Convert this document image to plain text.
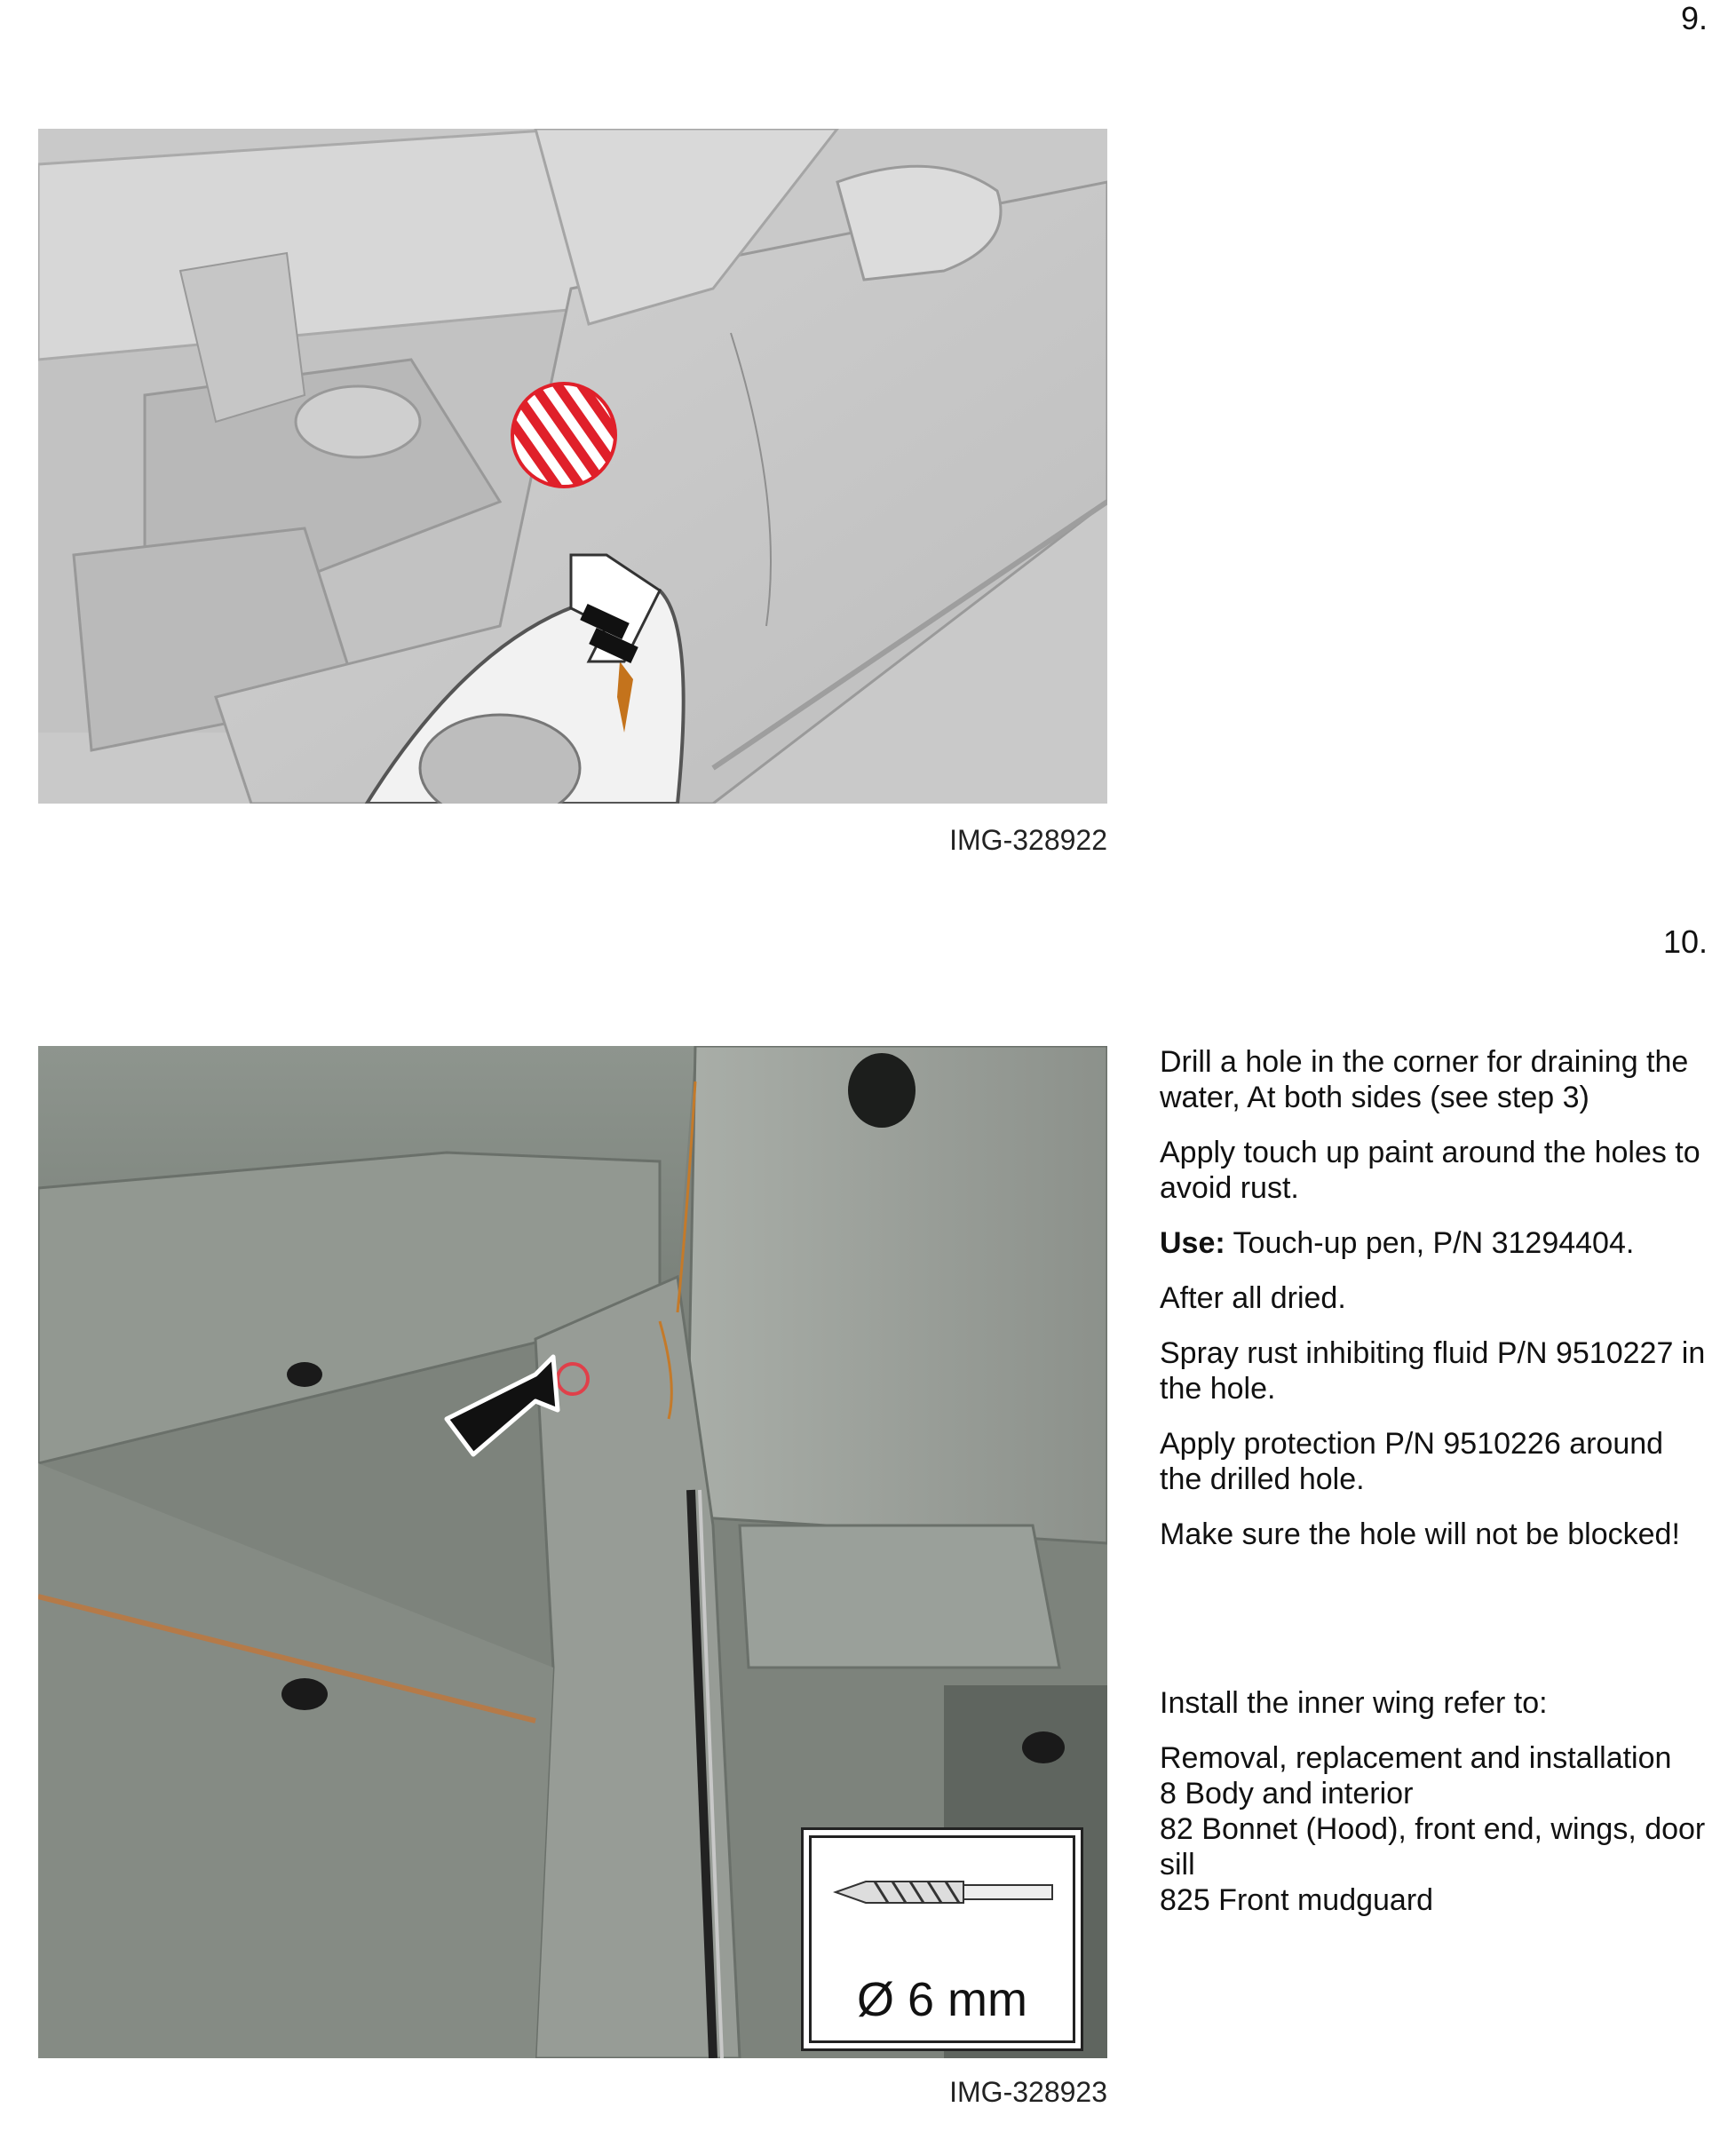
9.
IMG-328922
10.
Ø 6 mm
IMG-328923

Drill a hole in the corner for draining the water, At both sides (see step 3)

Apply touch up paint around the holes to avoid rust.

Use: Touch-up pen, P/N 31294404.

After all dried.

Spray rust inhibiting fluid P/N 9510227 in the hole.

Apply protection P/N 9510226 around the drilled hole.

Make sure the hole will not be blocked!

Install the inner wing refer to:

Removal, replacement and installation

8 Body and interior

82 Bonnet (Hood), front end, wings, door sill

825 Front mudguard
